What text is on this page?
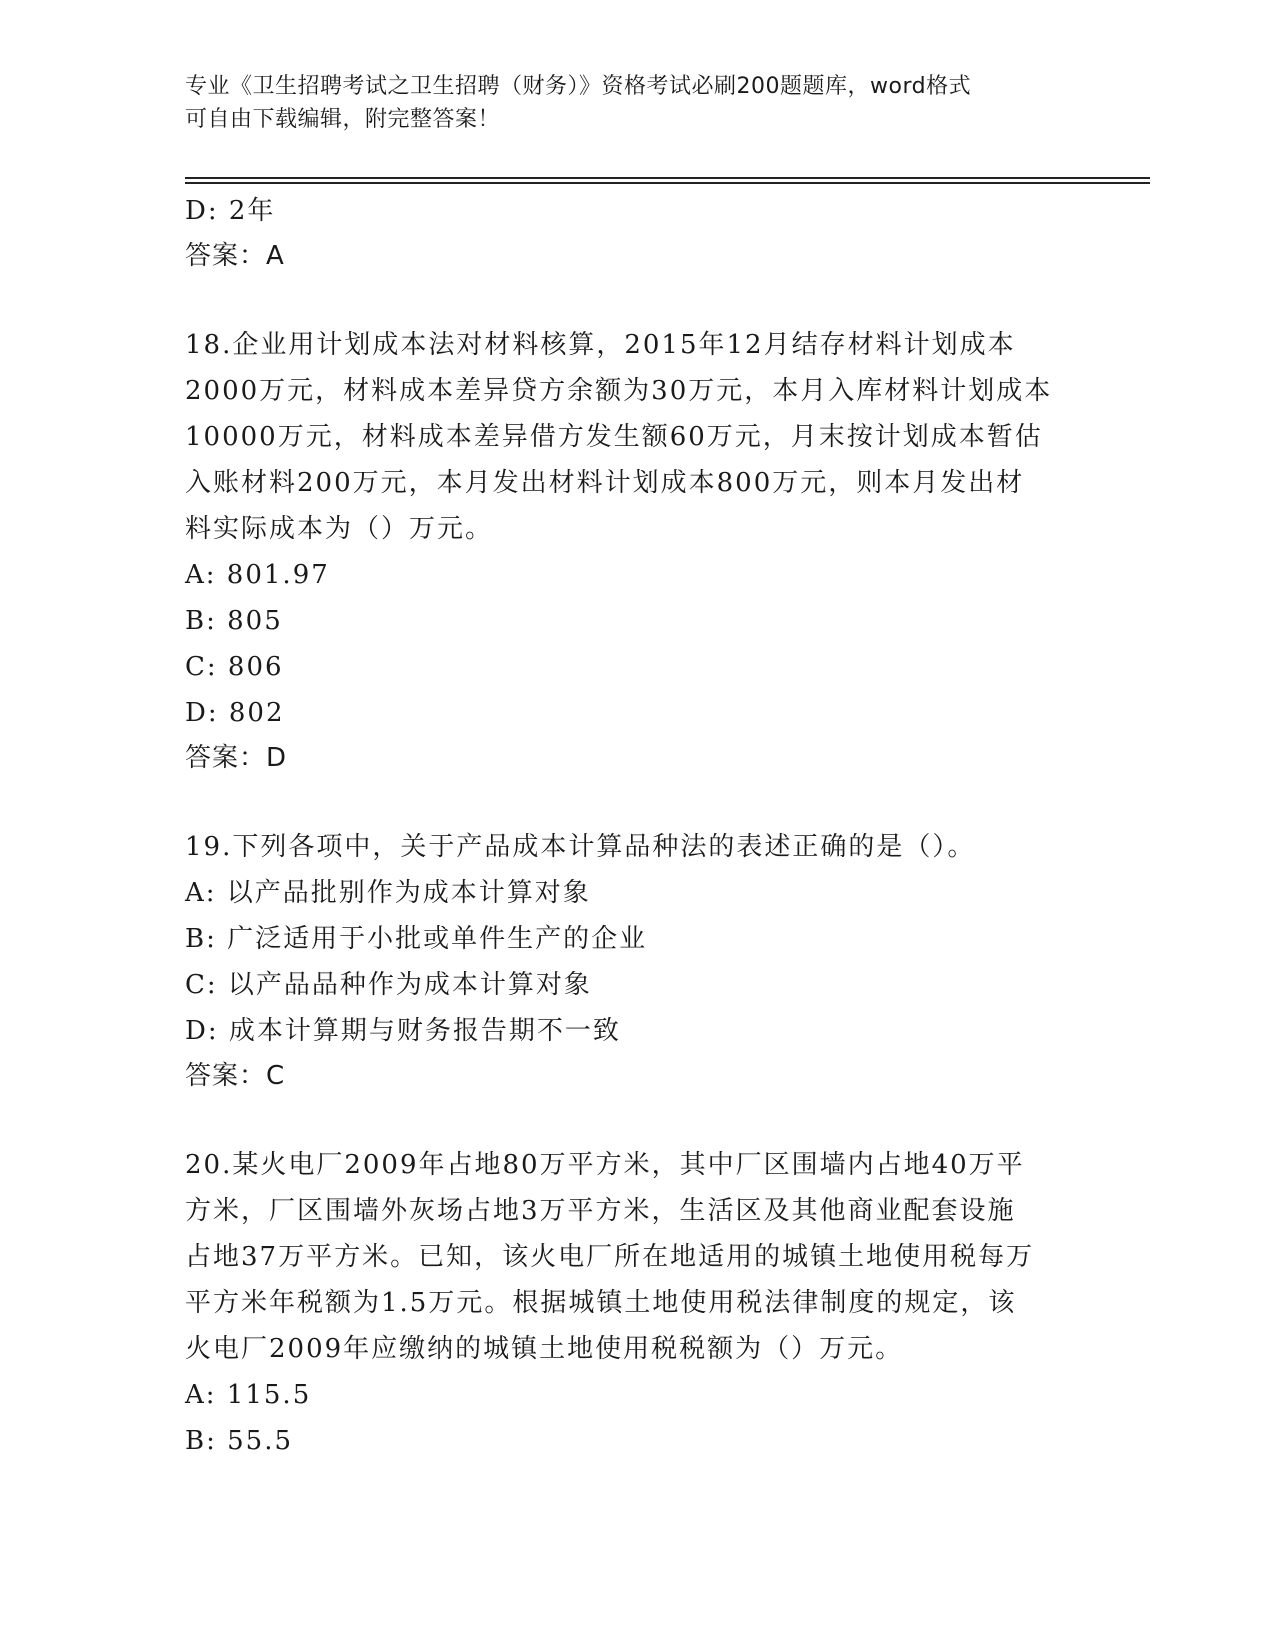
专业《卫生招聘考试之卫生招聘（财务）》资格考试必刷200题题库，word格式
可自由下载编辑，附完整答案！
D: 2年
答案：A
18.企业用计划成本法对材料核算，2015年12月结存材料计划成本
2000万元，材料成本差异贷方余额为30万元，本月入库材料计划成本
10000万元，材料成本差异借方发生额60万元，月末按计划成本暂估
入账材料200万元，本月发出材料计划成本800万元，则本月发出材
料实际成本为（）万元。
A: 801.97
B: 805
C: 806
D: 802
答案：D
19.下列各项中，关于产品成本计算品种法的表述正确的是（）。
A: 以产品批别作为成本计算对象
B: 广泛适用于小批或单件生产的企业
C: 以产品品种作为成本计算对象
D: 成本计算期与财务报告期不一致
答案：C
20.某火电厂2009年占地80万平方米，其中厂区围墙内占地40万平
方米，厂区围墙外灰场占地3万平方米，生活区及其他商业配套设施
占地37万平方米。已知，该火电厂所在地适用的城镇土地使用税每万
平方米年税额为1.5万元。根据城镇土地使用税法律制度的规定，该
火电厂2009年应缴纳的城镇土地使用税税额为（）万元。
A: 115.5
B: 55.5
